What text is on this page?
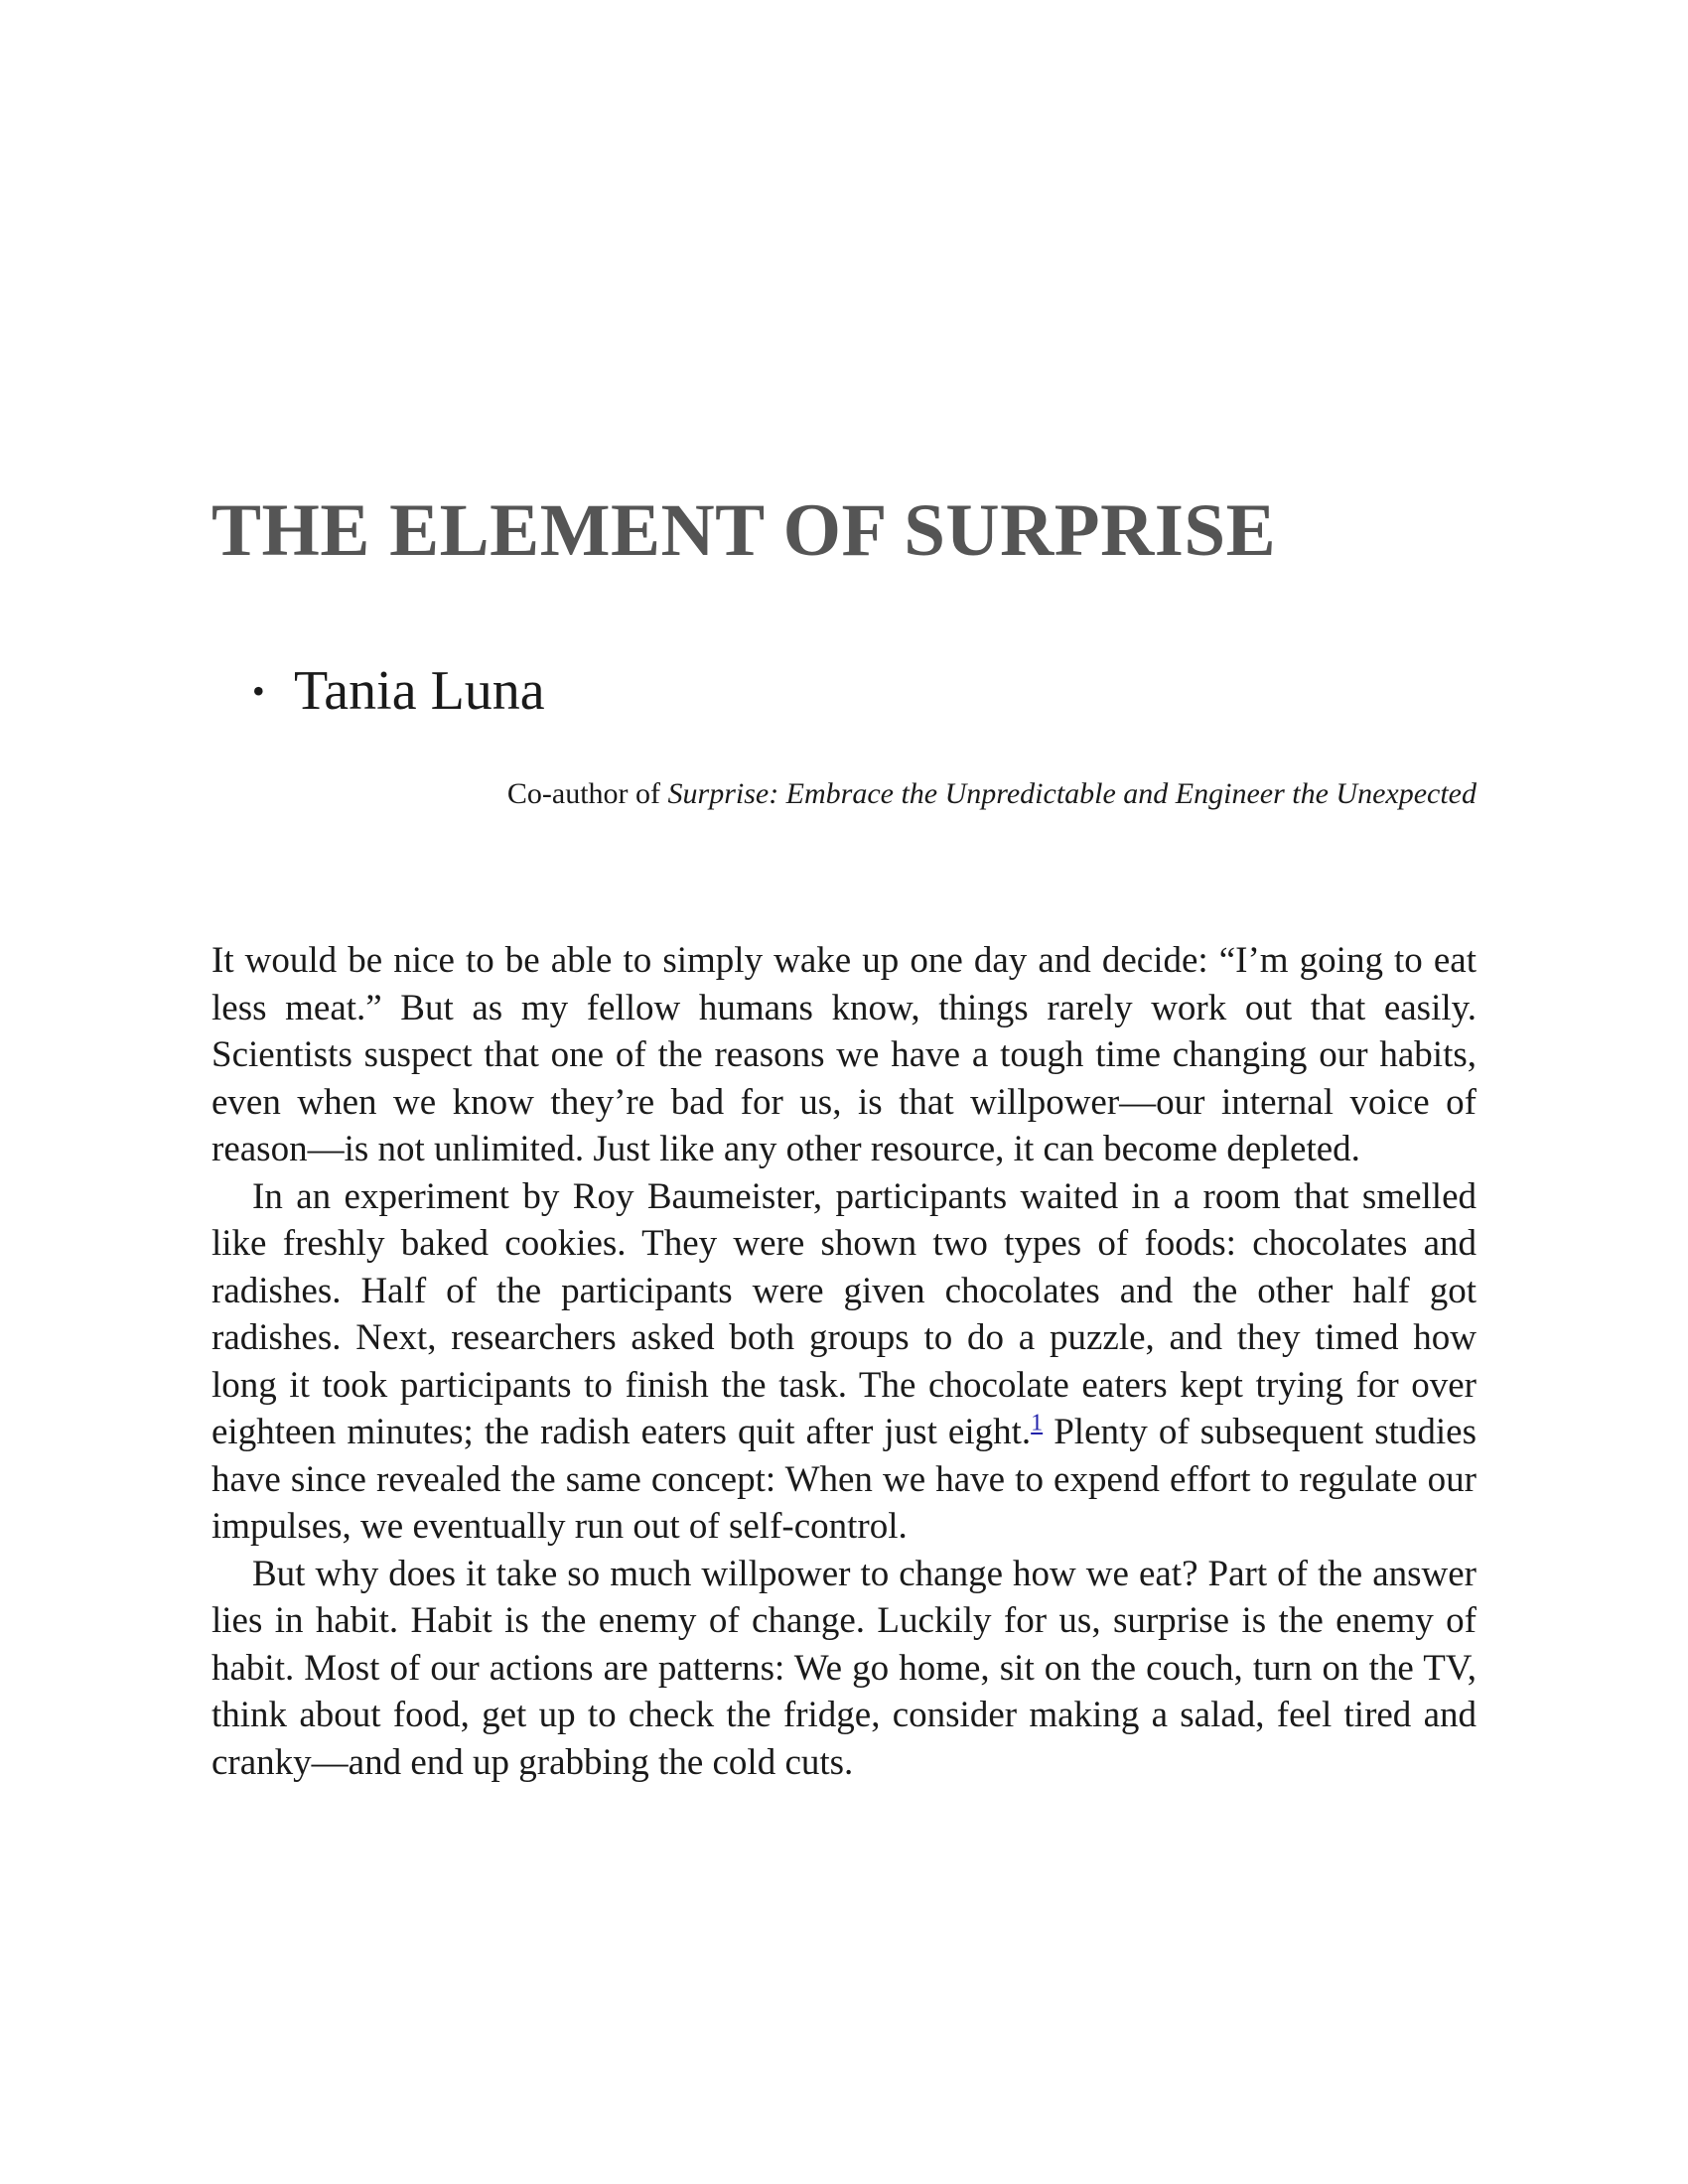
THE ELEMENT OF SURPRISE
• Tania Luna

Co-author of Surprise: Embrace the Unpredictable and Engineer the Unexpected

It would be nice to be able to simply wake up one day and decide: “I’m going to eat less meat.” But as my fellow humans know, things rarely work out that easily. Scientists suspect that one of the reasons we have a tough time changing our habits, even when we know they’re bad for us, is that willpower—our internal voice of reason—is not unlimited. Just like any other resource, it can become depleted.

In an experiment by Roy Baumeister, participants waited in a room that smelled like freshly baked cookies. They were shown two types of foods: chocolates and radishes. Half of the participants were given chocolates and the other half got radishes. Next, researchers asked both groups to do a puzzle, and they timed how long it took participants to finish the task. The chocolate eaters kept trying for over eighteen minutes; the radish eaters quit after just eight.$^1$ Plenty of subsequent studies have since revealed the same concept: When we have to expend effort to regulate our impulses, we eventually run out of self-control.

But why does it take so much willpower to change how we eat? Part of the answer lies in habit. Habit is the enemy of change. Luckily for us, surprise is the enemy of habit. Most of our actions are patterns: We go home, sit on the couch, turn on the TV, think about food, get up to check the fridge, consider making a salad, feel tired and cranky—and end up grabbing the cold cuts.
